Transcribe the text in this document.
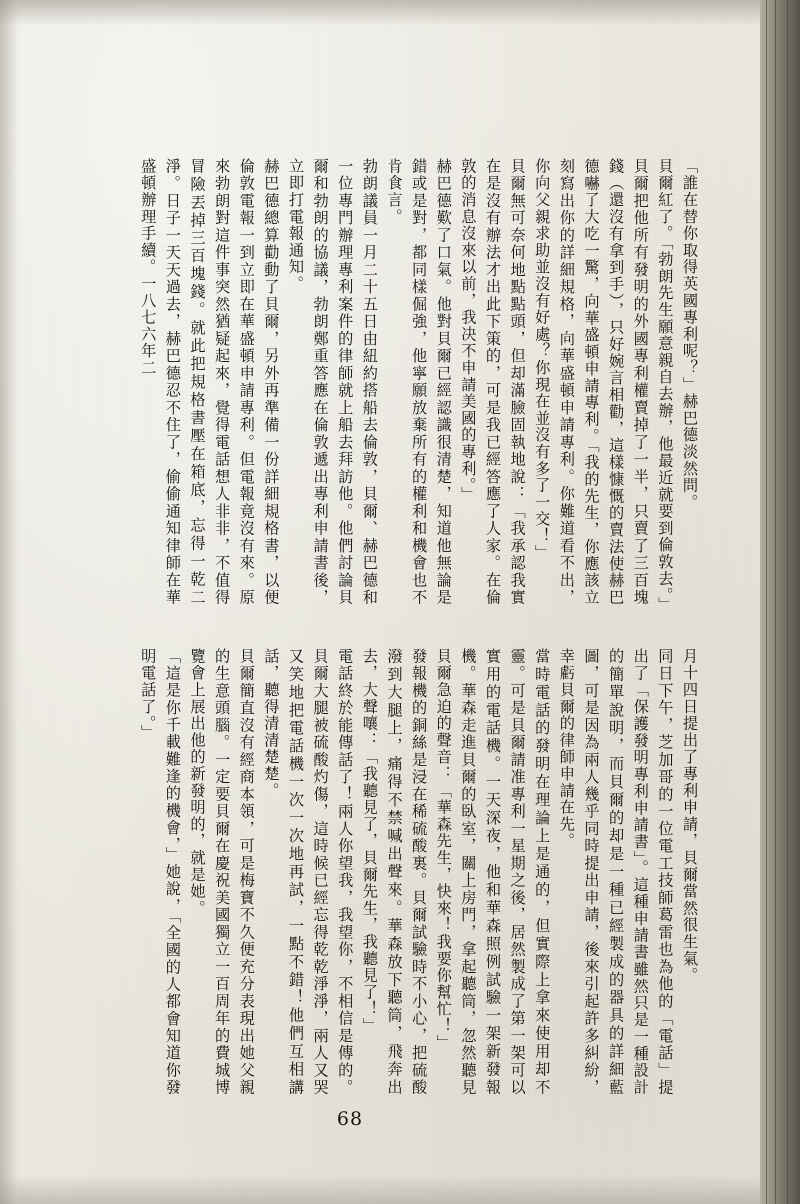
「誰在替你取得英國專利呢？」赫巴德淡然問。

貝爾紅了。「勃朗先生願意親自去辦，他最近就要到倫敦去。」

貝爾把他所有發明的外國專利權賣掉了一半，只賣了三百塊錢（還沒有拿到手），只好婉言相勸，這樣慷慨的賣法使赫巴德嚇了大吃一驚，向華盛頓申請專利。「我的先生，你應該立刻寫出你的詳細規格，向華盛頓申請專利。你難道看不出，你向父親求助並沒有好處？你現在並沒有多了一交！」

貝爾無可奈何地點點頭，但却滿臉固執地說：「我承認我實在是沒有辦法才出此下策的，可是我已經答應了人家。在倫敦的消息沒來以前，我决不申請美國的專利。」

赫巴德歎了口氣。他對貝爾已經認識很清楚，知道他無論是錯或是對，都同樣倔強，他寧願放棄所有的權利和機會也不肯食言。

勃朗議員一月二十五日由紐約搭船去倫敦，貝爾、赫巴德和一位專門辦理專利案件的律師就上船去拜訪他。他們討論貝爾和勃朗的協議，勃朗鄭重答應在倫敦遞出專利申請書後，立即打電報通知。

赫巴德總算勸動了貝爾，另外再準備一份詳細規格書，以便倫敦電報一到立即在華盛頓申請專利。但電報竟沒有來。原來勃朗對這件事突然猶疑起來，覺得電話想人非非，不值得冒險丟掉三百塊錢。就此把規格書壓在箱底，忘得一乾二淨。日子一天天過去，赫巴德忍不住了，偷偷通知律師在華盛頓辦理手續。一八七六年二

月十四日提出了專利申請，貝爾當然很生氣。

同日下午，芝加哥的一位電工技師葛雷也為他的「電話」提出了「保護發明專利申請書」。這種申請書雖然只是一種設計的簡單說明，而貝爾的却是一種已經製成的器具的詳細藍圖，可是因為兩人幾乎同時提出申請，後來引起許多糾紛，幸虧貝爾的律師申請在先。

當時電話的發明在理論上是通的，但實際上拿來使用却不靈。可是貝爾請准專利一星期之後，居然製成了第一架可以實用的電話機。一天深夜，他和華森照例試驗一架新發報機。華森走進貝爾的臥室，關上房門，拿起聽筒，忽然聽見貝爾急迫的聲音：「華森先生，快來！我要你幫忙！」

發報機的銅絲是浸在稀硫酸裏。貝爾試驗時不小心，把硫酸潑到大腿上，痛得不禁喊出聲來。華森放下聽筒，飛奔出去，大聲嚷：「我聽見了，貝爾先生，我聽見了！」

電話終於能傳話了！兩人你望我，我望你，不相信是傳的。貝爾大腿被硫酸灼傷，這時候已經忘得乾乾淨淨，兩人又哭又笑地把電話機一次一次地再試，一點不錯！他們互相講話，聽得清清楚楚。

貝爾簡直沒有經商本領，可是梅寶不久便充分表現出她父親的生意頭腦。一定要貝爾在慶祝美國獨立一百周年的費城博覽會上展出他的新發明的，就是她。

「這是你千載難逢的機會，」她說，「全國的人都會知道你發明電話了。」

68
